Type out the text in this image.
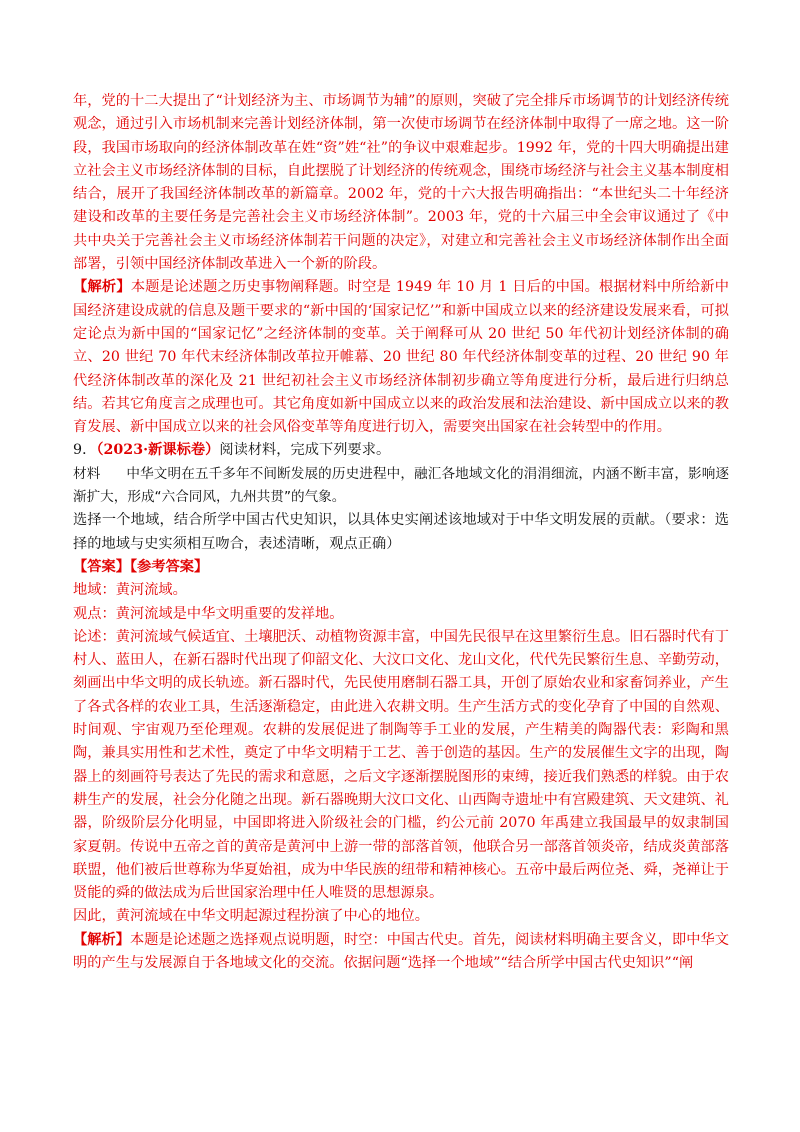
年，党的十二大提出了“计划经济为主、市场调节为辅”的原则，突破了完全排斥市场调节的计划经济传统观念，通过引入市场机制来完善计划经济体制，第一次使市场调节在经济体制中取得了一席之地。这一阶段，我国市场取向的经济体制改革在姓“资”姓“社”的争议中艰难起步。1992 年，党的十四大明确提出建立社会主义市场经济体制的目标，自此摆脱了计划经济的传统观念，围绕市场经济与社会主义基本制度相结合，展开了我国经济体制改革的新篇章。2002 年，党的十六大报告明确指出：“本世纪头二十年经济建设和改革的主要任务是完善社会主义市场经济体制”。2003 年，党的十六届三中全会审议通过了《中共中央关于完善社会主义市场经济体制若干问题的决定》，对建立和完善社会主义市场经济体制作出全面部署，引领中国经济体制改革进入一个新的阶段。

【解析】本题是论述题之历史事物阐释题。时空是 1949 年 10 月 1 日后的中国。根据材料中所给新中国经济建设成就的信息及题干要求的“新中国的‘国家记忆’”和新中国成立以来的经济建设发展来看，可拟定论点为新中国的“国家记忆”之经济体制的变革。关于阐释可从 20 世纪 50 年代初计划经济体制的确立、20 世纪 70 年代末经济体制改革拉开帷幕、20 世纪 80 年代经济体制变革的过程、20 世纪 90 年代经济体制改革的深化及 21 世纪初社会主义市场经济体制初步确立等角度进行分析，最后进行归纳总结。若其它角度言之成理也可。其它角度如新中国成立以来的政治发展和法治建设、新中国成立以来的教育发展、新中国成立以来的社会风俗变革等角度进行切入，需要突出国家在社会转型中的作用。

9．（2023·新课标卷）阅读材料，完成下列要求。

材料 中华文明在五千多年不间断发展的历史进程中，融汇各地域文化的涓涓细流，内涵不断丰富，影响逐渐扩大，形成“六合同风，九州共贯”的气象。

选择一个地域，结合所学中国古代史知识，以具体史实阐述该地域对于中华文明发展的贡献。（要求：选择的地域与史实须相互吻合，表述清晰，观点正确）

【答案】【参考答案】

地域：黄河流域。

观点：黄河流域是中华文明重要的发祥地。

论述：黄河流域气候适宜、土壤肥沃、动植物资源丰富，中国先民很早在这里繁衍生息。旧石器时代有丁村人、蓝田人，在新石器时代出现了仰韶文化、大汶口文化、龙山文化，代代先民繁衍生息、辛勤劳动，刻画出中华文明的成长轨迹。新石器时代，先民使用磨制石器工具，开创了原始农业和家畜饲养业，产生了各式各样的农业工具，生活逐渐稳定，由此进入农耕文明。生产生活方式的变化孕育了中国的自然观、时间观、宇宙观乃至伦理观。农耕的发展促进了制陶等手工业的发展，产生精美的陶器代表：彩陶和黑陶，兼具实用性和艺术性，奠定了中华文明精于工艺、善于创造的基因。生产的发展催生文字的出现，陶器上的刻画符号表达了先民的需求和意愿，之后文字逐渐摆脱图形的束缚，接近我们熟悉的样貌。由于农耕生产的发展，社会分化随之出现。新石器晚期大汶口文化、山西陶寺遗址中有宫殿建筑、天文建筑、礼器，阶级阶层分化明显，中国即将进入阶级社会的门槛，约公元前 2070 年禹建立我国最早的奴隶制国家夏朝。传说中五帝之首的黄帝是黄河中上游一带的部落首领，他联合另一部落首领炎帝，结成炎黄部落联盟，他们被后世尊称为华夏始祖，成为中华民族的纽带和精神核心。五帝中最后两位尧、舜，尧禅让于贤能的舜的做法成为后世国家治理中任人唯贤的思想源泉。

因此，黄河流域在中华文明起源过程扮演了中心的地位。

【解析】本题是论述题之选择观点说明题，时空：中国古代史。首先，阅读材料明确主要含义，即中华文明的产生与发展源自于各地域文化的交流。依据问题“选择一个地域”“结合所学中国古代史知识”“阐
